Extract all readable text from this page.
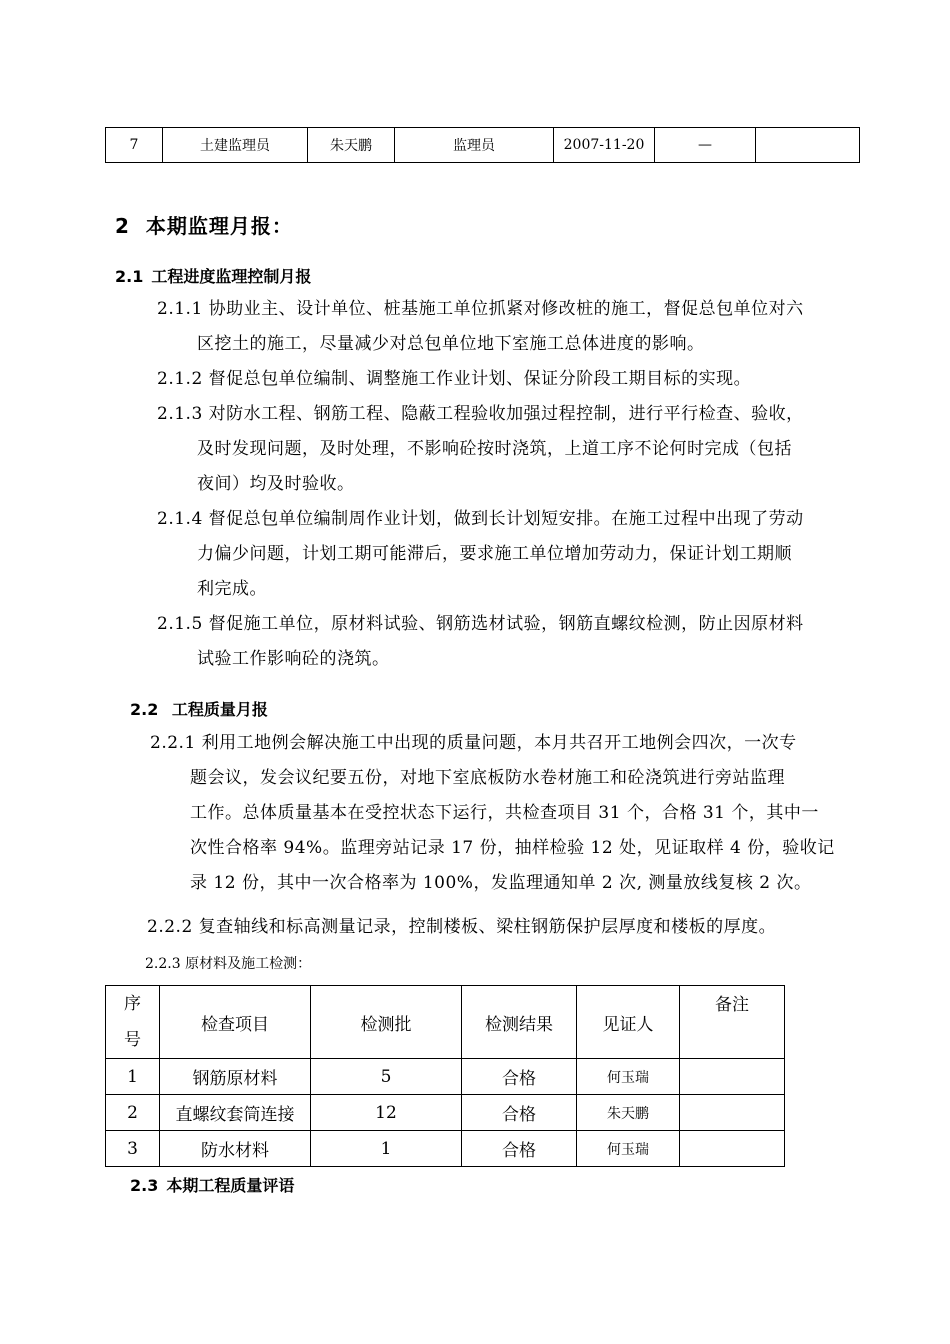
7	土建监理员	朱天鹏	监理员	2007-11-20	—	
2 本期监理月报：
2.1 工程进度监理控制月报
2.1.1 协助业主、设计单位、桩基施工单位抓紧对修改桩的施工，督促总包单位对六
区挖土的施工，尽量减少对总包单位地下室施工总体进度的影响。
2.1.2 督促总包单位编制、调整施工作业计划、保证分阶段工期目标的实现。
2.1.3 对防水工程、钢筋工程、隐蔽工程验收加强过程控制，进行平行检查、验收，
及时发现问题，及时处理，不影响砼按时浇筑，上道工序不论何时完成（包括
夜间）均及时验收。
2.1.4 督促总包单位编制周作业计划，做到长计划短安排。在施工过程中出现了劳动
力偏少问题，计划工期可能滞后，要求施工单位增加劳动力，保证计划工期顺
利完成。
2.1.5 督促施工单位，原材料试验、钢筋选材试验，钢筋直螺纹检测，防止因原材料
试验工作影响砼的浇筑。
2.2 工程质量月报
2.2.1 利用工地例会解决施工中出现的质量问题，本月共召开工地例会四次，一次专
题会议，发会议纪要五份，对地下室底板防水卷材施工和砼浇筑进行旁站监理
工作。总体质量基本在受控状态下运行，共检查项目 31 个，合格 31 个，其中一
次性合格率 94%。监理旁站记录 17 份，抽样检验 12 处，见证取样 4 份，验收记
录 12 份，其中一次合格率为 100%，发监理通知单 2 次, 测量放线复核 2 次。
2.2.2 复查轴线和标高测量记录，控制楼板、梁柱钢筋保护层厚度和楼板的厚度。
2.2.3 原材料及施工检测：
序
号	检查项目	检测批	检测结果	见证人	备注
1	钢筋原材料	5	合格	何玉瑞	
2	直螺纹套筒连接	12	合格	朱天鹏	
3	防水材料	1	合格	何玉瑞	
2.3 本期工程质量评语
